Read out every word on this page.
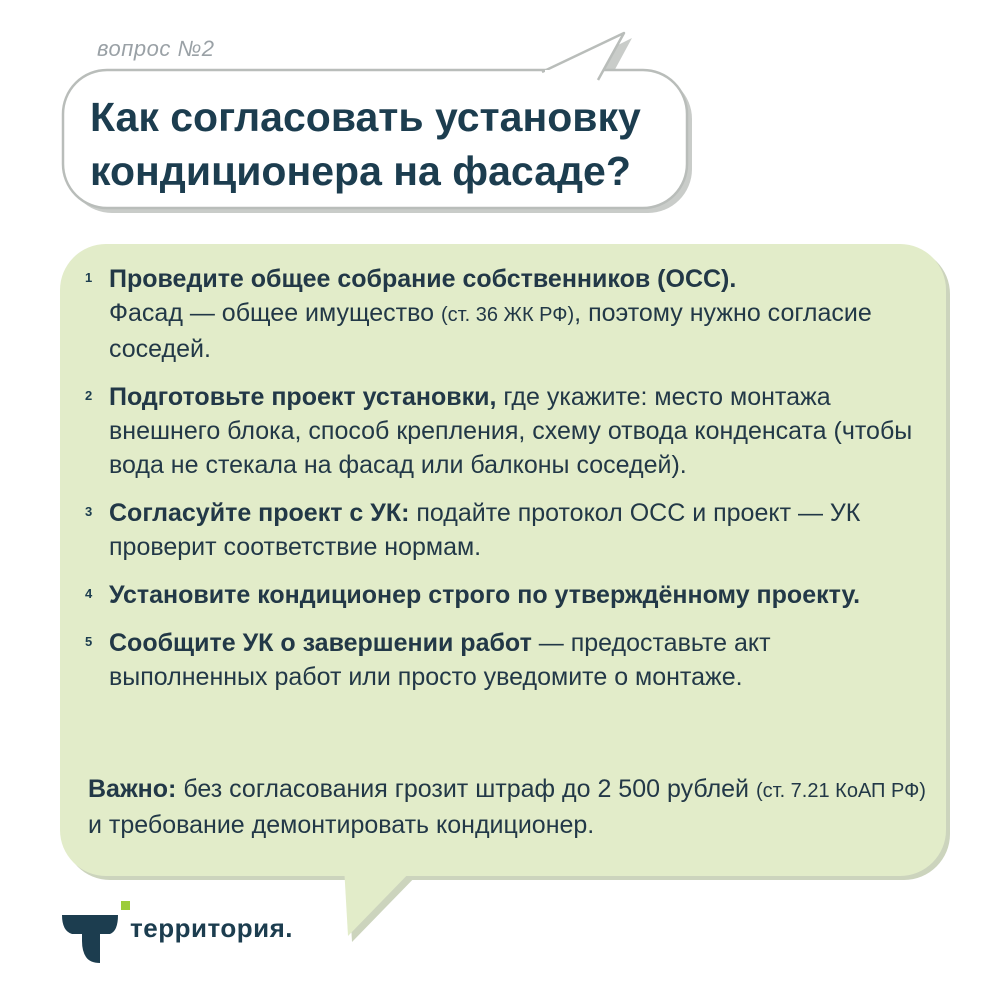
вопрос №2
Как согласовать установку кондиционера на фасаде?
1 Проведите общее собрание собственников (ОСС).
Фасад — общее имущество (ст. 36 ЖК РФ), поэтому нужно согласие соседей.
2 Подготовьте проект установки, где укажите: место монтажа внешнего блока, способ крепления, схему отвода конденсата (чтобы вода не стекала на фасад или балконы соседей).
3 Согласуйте проект с УК: подайте протокол ОСС и проект — УК проверит соответствие нормам.
4 Установите кондиционер строго по утверждённому проекту.
5 Сообщите УК о завершении работ — предоставьте акт выполненных работ или просто уведомите о монтаже.

Важно: без согласования грозит штраф до 2 500 рублей (ст. 7.21 КоАП РФ) и требование демонтировать кондиционер.

территория.
